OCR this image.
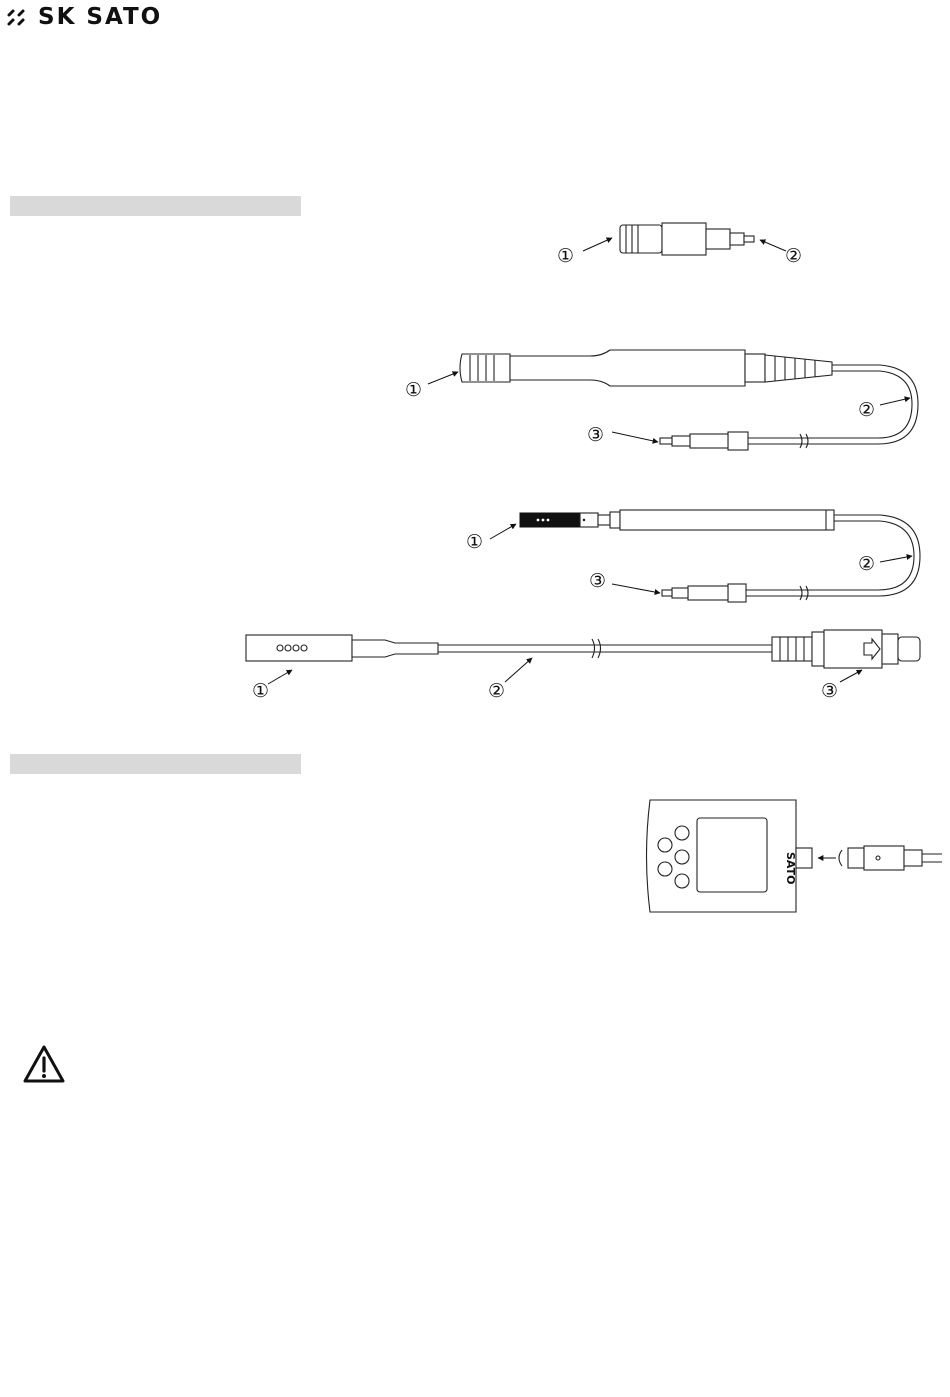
SK SATO
①	②
①
②
③
①
②
③
①	②	③
SATO
